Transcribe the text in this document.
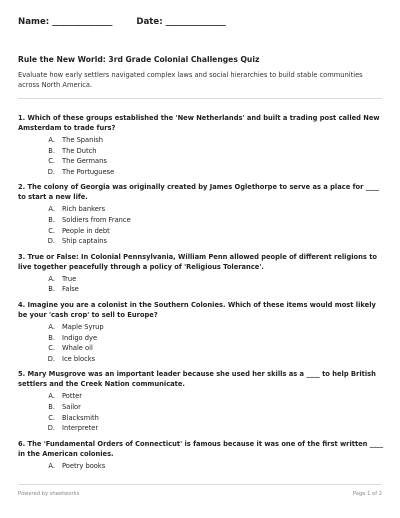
Name: ______________	Date: ______________
Rule the New World: 3rd Grade Colonial Challenges Quiz
Evaluate how early settlers navigated complex laws and social hierarchies to build stable communities across North America.
1. Which of these groups established the 'New Netherlands' and built a trading post called New Amsterdam to trade furs?
A. The Spanish
B. The Dutch
C. The Germans
D. The Portuguese
2. The colony of Georgia was originally created by James Oglethorpe to serve as a place for ____ to start a new life.
A. Rich bankers
B. Soldiers from France
C. People in debt
D. Ship captains
3. True or False: In Colonial Pennsylvania, William Penn allowed people of different religions to live together peacefully through a policy of 'Religious Tolerance'.
A. True
B. False
4. Imagine you are a colonist in the Southern Colonies. Which of these items would most likely be your 'cash crop' to sell to Europe?
A. Maple Syrup
B. Indigo dye
C. Whale oil
D. Ice blocks
5. Mary Musgrove was an important leader because she used her skills as a ____ to help British settlers and the Creek Nation communicate.
A. Potter
B. Sailor
C. Blacksmith
D. Interpreter
6. The 'Fundamental Orders of Connecticut' is famous because it was one of the first written ____ in the American colonies.
A. Poetry books
Powered by sheetworks	Page 1 of 2
